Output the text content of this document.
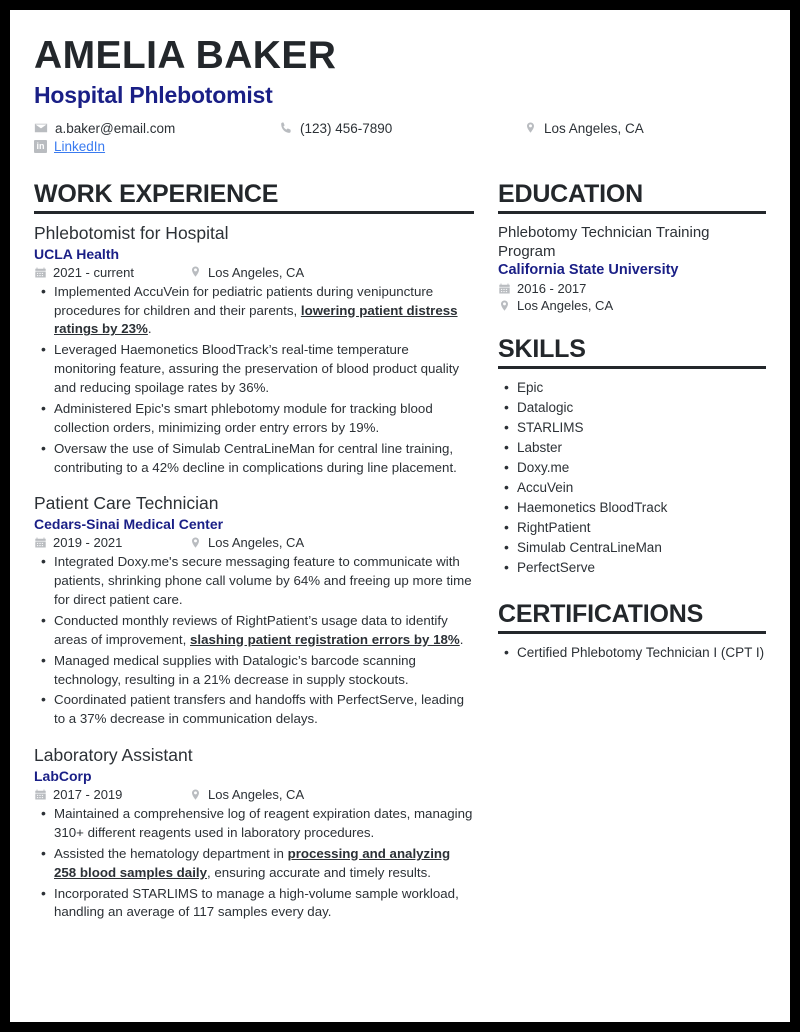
AMELIA BAKER
Hospital Phlebotomist
a.baker@email.com	(123) 456-7890	Los Angeles, CA
in LinkedIn
WORK EXPERIENCE
Phlebotomist for Hospital
UCLA Health
2021 - current	Los Angeles, CA
• Implemented AccuVein for pediatric patients during venipuncture procedures for children and their parents, lowering patient distress ratings by 23%.
• Leveraged Haemonetics BloodTrack’s real-time temperature monitoring feature, assuring the preservation of blood product quality and reducing spoilage rates by 36%.
• Administered Epic's smart phlebotomy module for tracking blood collection orders, minimizing order entry errors by 19%.
• Oversaw the use of Simulab CentraLineMan for central line training, contributing to a 42% decline in complications during line placement.
Patient Care Technician
Cedars-Sinai Medical Center
2019 - 2021	Los Angeles, CA
• Integrated Doxy.me's secure messaging feature to communicate with patients, shrinking phone call volume by 64% and freeing up more time for direct patient care.
• Conducted monthly reviews of RightPatient’s usage data to identify areas of improvement, slashing patient registration errors by 18%.
• Managed medical supplies with Datalogic’s barcode scanning technology, resulting in a 21% decrease in supply stockouts.
• Coordinated patient transfers and handoffs with PerfectServe, leading to a 37% decrease in communication delays.
Laboratory Assistant
LabCorp
2017 - 2019	Los Angeles, CA
• Maintained a comprehensive log of reagent expiration dates, managing 310+ different reagents used in laboratory procedures.
• Assisted the hematology department in processing and analyzing 258 blood samples daily, ensuring accurate and timely results.
• Incorporated STARLIMS to manage a high-volume sample workload, handling an average of 117 samples every day.
EDUCATION
Phlebotomy Technician Training Program
California State University
2016 - 2017
Los Angeles, CA
SKILLS
• Epic
• Datalogic
• STARLIMS
• Labster
• Doxy.me
• AccuVein
• Haemonetics BloodTrack
• RightPatient
• Simulab CentraLineMan
• PerfectServe
CERTIFICATIONS
• Certified Phlebotomy Technician I (CPT I)
